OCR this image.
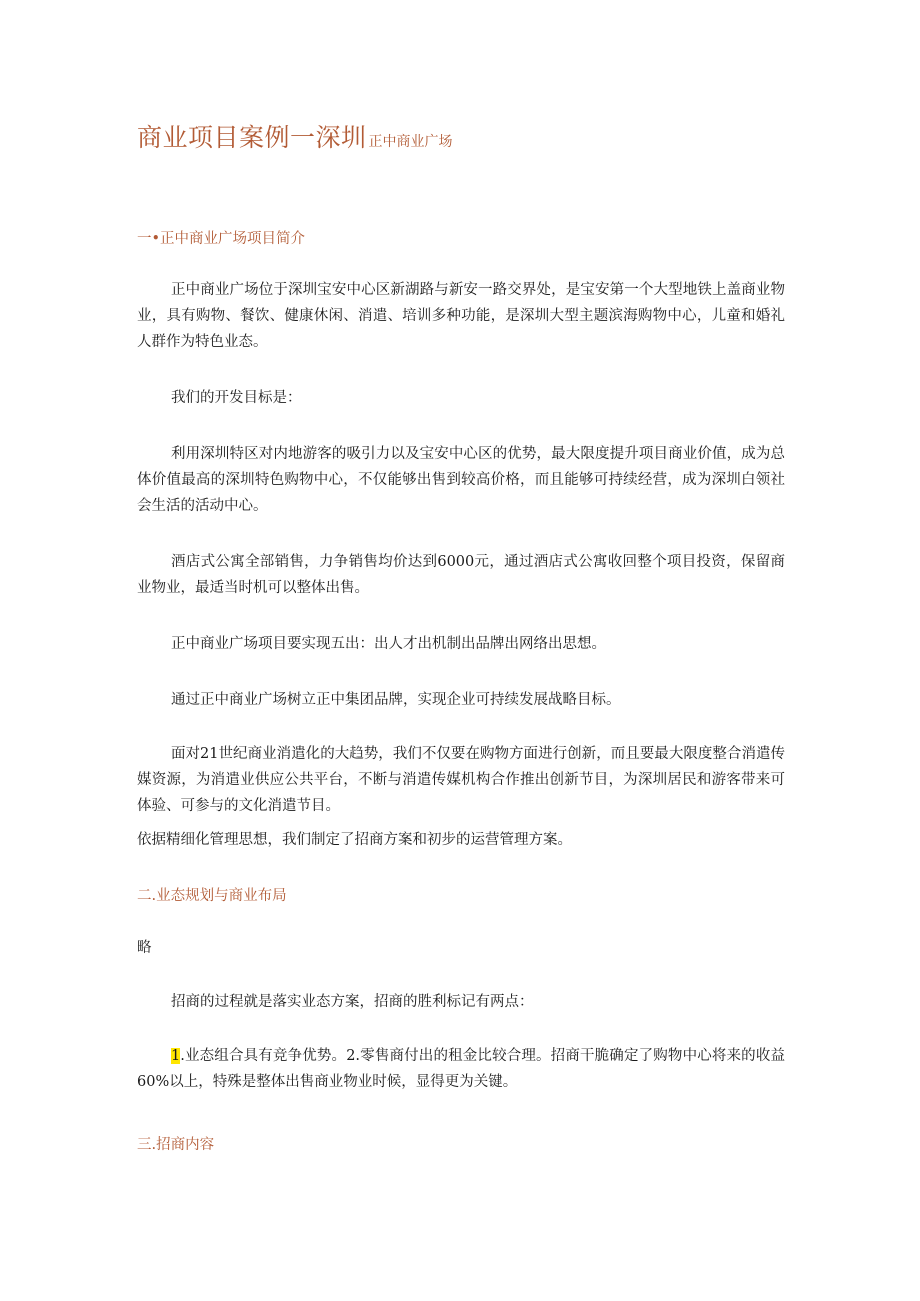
商业项目案例一深圳 正中商业广场
一•正中商业广场项目简介

正中商业广场位于深圳宝安中心区新湖路与新安一路交界处，是宝安第一个大型地铁上盖商业物业，具有购物、餐饮、健康休闲、消遣、培训多种功能，是深圳大型主题滨海购物中心，儿童和婚礼人群作为特色业态。

我们的开发目标是：

利用深圳特区对内地游客的吸引力以及宝安中心区的优势，最大限度提升项目商业价值，成为总体价值最高的深圳特色购物中心，不仅能够出售到较高价格，而且能够可持续经营，成为深圳白领社会生活的活动中心。

酒店式公寓全部销售，力争销售均价达到6000元，通过酒店式公寓收回整个项目投资，保留商业物业，最适当时机可以整体出售。

正中商业广场项目要实现五出：出人才出机制出品牌出网络出思想。

通过正中商业广场树立正中集团品牌，实现企业可持续发展战略目标。

面对21世纪商业消遣化的大趋势，我们不仅要在购物方面进行创新，而且要最大限度整合消遣传媒资源，为消遣业供应公共平台，不断与消遣传媒机构合作推出创新节目，为深圳居民和游客带来可体验、可参与的文化消遣节目。

依据精细化管理思想，我们制定了招商方案和初步的运营管理方案。

二.业态规划与商业布局

略

招商的过程就是落实业态方案，招商的胜利标记有两点：

1.业态组合具有竞争优势。2.零售商付出的租金比较合理。招商干脆确定了购物中心将来的收益60%以上，特殊是整体出售商业物业时候，显得更为关键。

三.招商内容
